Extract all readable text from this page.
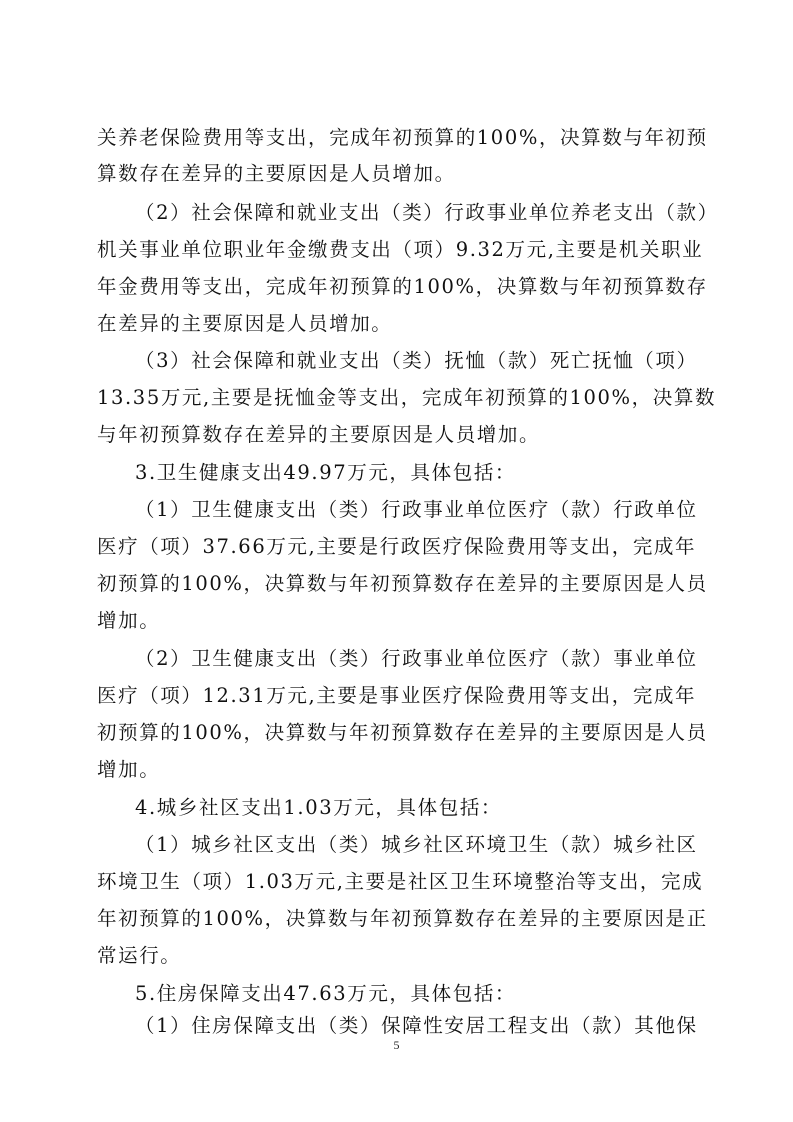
关养老保险费用等支出，完成年初预算的100%，决算数与年初预
算数存在差异的主要原因是人员增加。
（2）社会保障和就业支出（类）行政事业单位养老支出（款）
机关事业单位职业年金缴费支出（项）9.32万元,主要是机关职业
年金费用等支出，完成年初预算的100%，决算数与年初预算数存
在差异的主要原因是人员增加。
（3）社会保障和就业支出（类）抚恤（款）死亡抚恤（项）
13.35万元,主要是抚恤金等支出，完成年初预算的100%，决算数
与年初预算数存在差异的主要原因是人员增加。
3.卫生健康支出49.97万元，具体包括：
（1）卫生健康支出（类）行政事业单位医疗（款）行政单位
医疗（项）37.66万元,主要是行政医疗保险费用等支出，完成年
初预算的100%，决算数与年初预算数存在差异的主要原因是人员
增加。
（2）卫生健康支出（类）行政事业单位医疗（款）事业单位
医疗（项）12.31万元,主要是事业医疗保险费用等支出，完成年
初预算的100%，决算数与年初预算数存在差异的主要原因是人员
增加。
4.城乡社区支出1.03万元，具体包括：
（1）城乡社区支出（类）城乡社区环境卫生（款）城乡社区
环境卫生（项）1.03万元,主要是社区卫生环境整治等支出，完成
年初预算的100%，决算数与年初预算数存在差异的主要原因是正
常运行。
5.住房保障支出47.63万元，具体包括：
（1）住房保障支出（类）保障性安居工程支出（款）其他保
5
